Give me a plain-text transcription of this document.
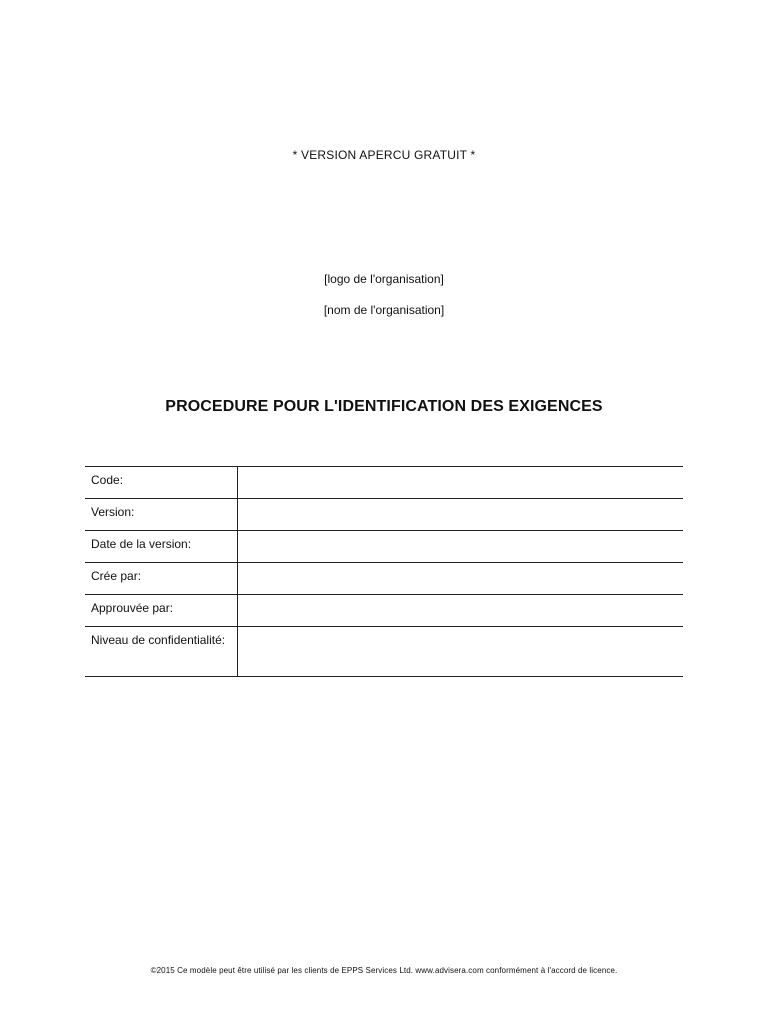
* VERSION APERCU GRATUIT *
[logo de l'organisation]
[nom de l'organisation]
PROCEDURE POUR L'IDENTIFICATION DES EXIGENCES
Code:	
Version:	
Date de la version:	
Crée par:	
Approuvée par:	
Niveau de confidentialité:	
©2015 Ce modèle peut être utilisé par les clients de EPPS Services Ltd. www.advisera.com conformément à l'accord de licence.
